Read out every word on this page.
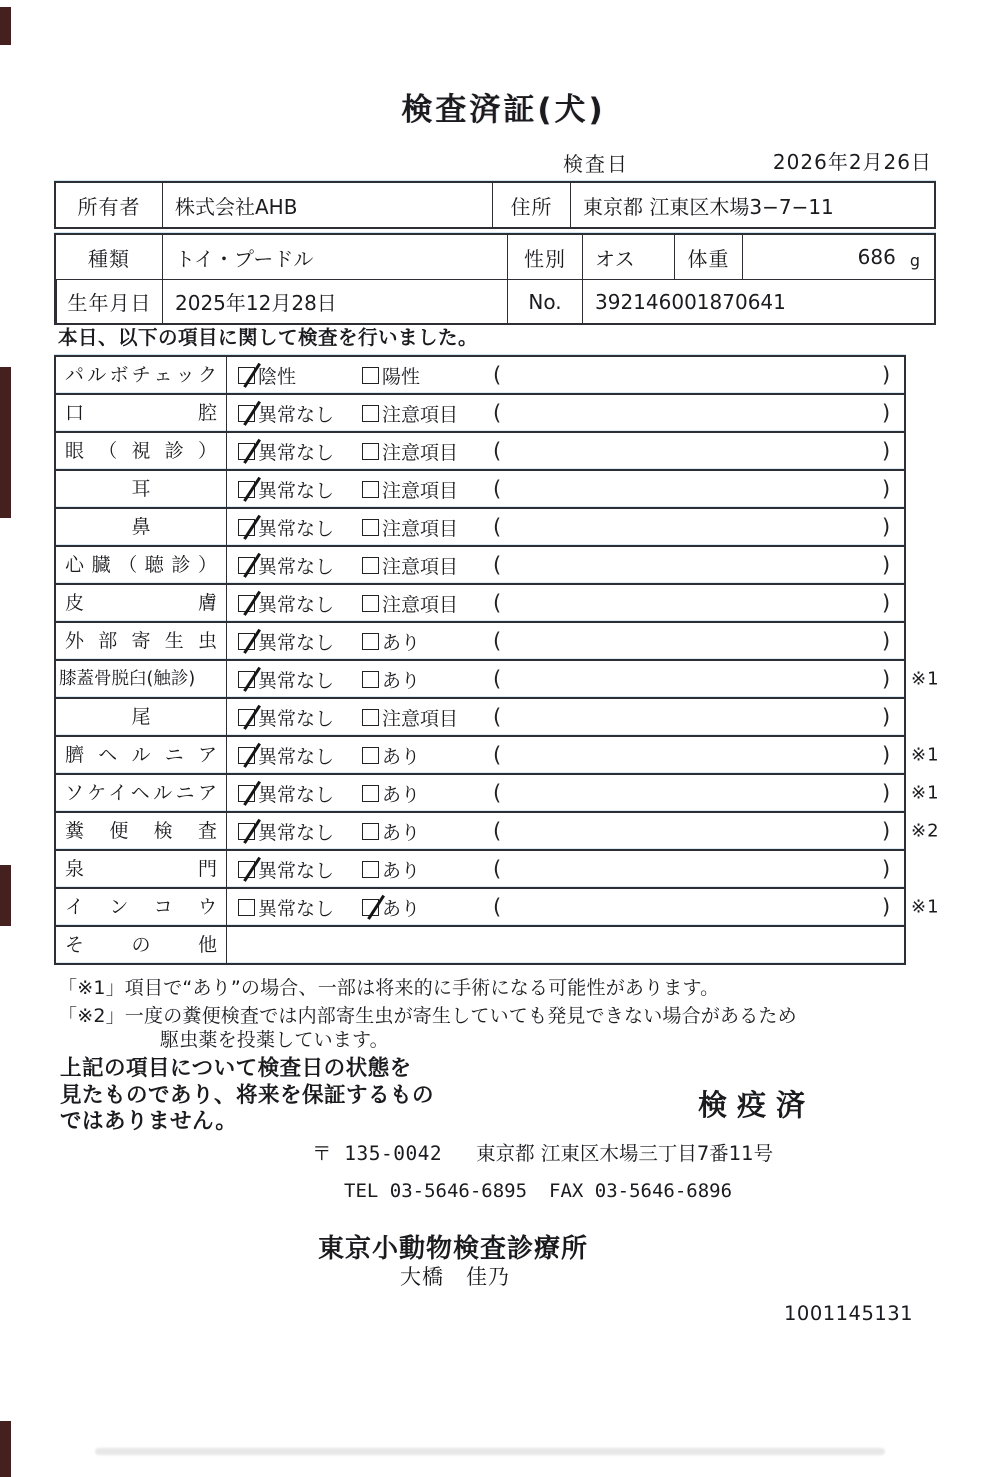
検査済証(犬)
検査日	2026年2月26日
所有者	株式会社AHB	住所	東京都 江東区木場3−7−11
種類	トイ・プードル	性別	オス	体重	686 g
生年月日	2025年12月28日	No.	392146001870641
本日、以下の項目に関して検査を行いました。
パルボチェック	陰性	陽性	(	)
口腔	異常なし	注意項目 (	)
眼（視診）	異常なし	注意項目 (	)
耳	異常なし	注意項目 (	)
鼻	異常なし	注意項目 (	)
心臓（聴診）	異常なし	注意項目 (	)
皮膚	異常なし	注意項目 (	)
外部寄生虫	異常なし	あり	(	)
膝蓋骨脱臼(触診)	異常なし	あり	(	) ※1
尾	異常なし	注意項目 (	)
臍ヘルニア	異常なし	あり	(	) ※1
ソケイヘルニア	異常なし	あり	(	) ※1
糞便検査	異常なし	あり	(	) ※2
泉門	異常なし	あり	(	)
インコウ	異常なし	あり	(	) ※1
その他
「※1」項目で“あり”の場合、一部は将来的に手術になる可能性があります。
「※2」一度の糞便検査では内部寄生虫が寄生していても発見できない場合があるため
駆虫薬を投薬しています。
上記の項目について検査日の状態を
見たものであり、将来を保証するもの
ではありません。	検疫済
〒 135-0042 東京都 江東区木場三丁目7番11号
TEL 03-5646-6895 FAX 03-5646-6896
東京小動物検査診療所
大橋　佳乃
1001145131
